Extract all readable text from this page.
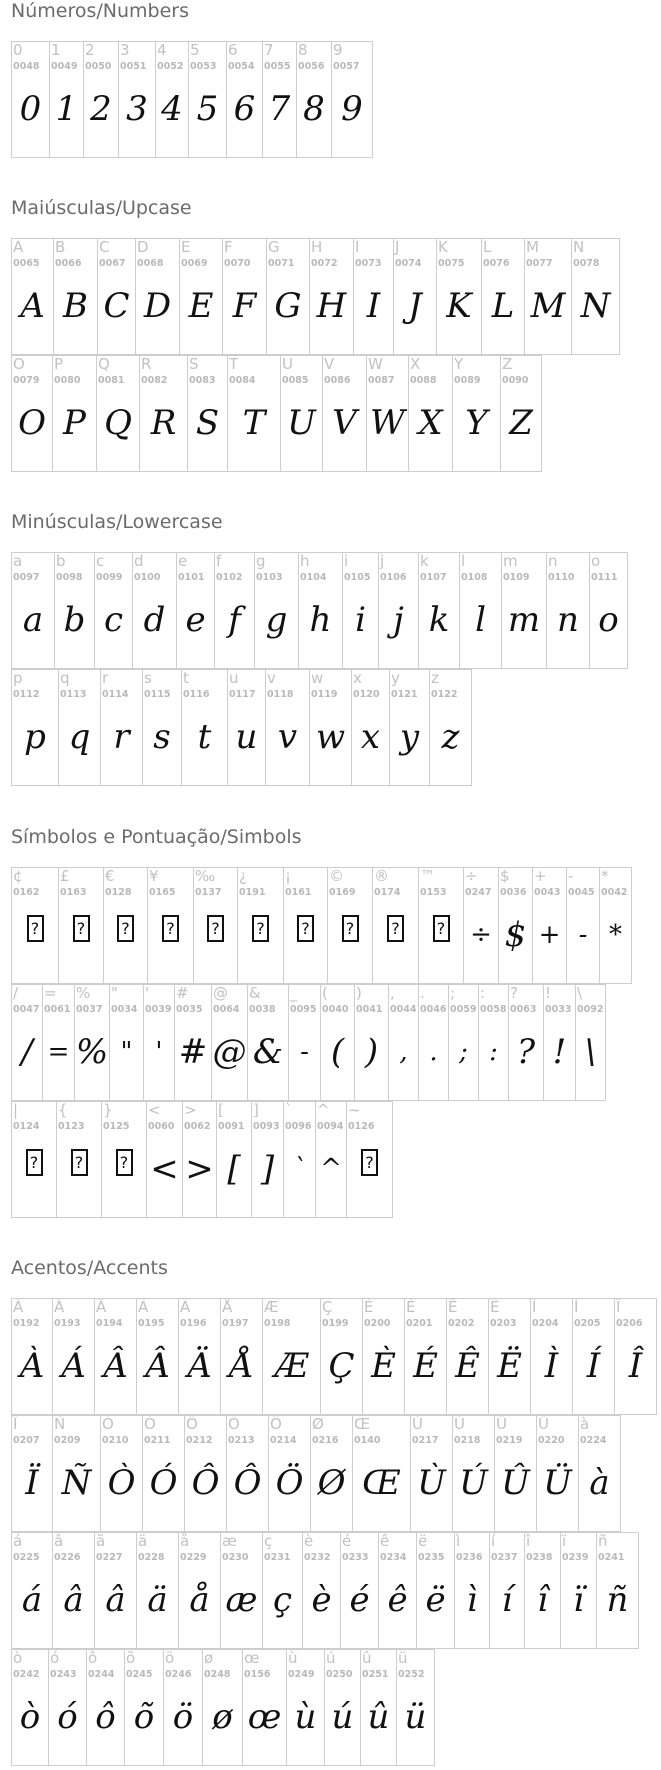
Números/Numbers
0
0048
0
1
0049
1
2
0050
2
3
0051
3
4
0052
4
5
0053
5
6
0054
6
7
0055
7
8
0056
8
9
0057
9
Maiúsculas/Upcase
A
0065
A
B
0066
B
C
0067
C
D
0068
D
E
0069
E
F
0070
F
G
0071
G
H
0072
H
I
0073
I
J
0074
J
K
0075
K
L
0076
L
M
0077
M
N
0078
N
O
0079
O
P
0080
P
Q
0081
Q
R
0082
R
S
0083
S
T
0084
T
U
0085
U
V
0086
V
W
0087
W
X
0088
X
Y
0089
Y
Z
0090
Z
Minúsculas/Lowercase
a
0097
a
b
0098
b
c
0099
c
d
0100
d
e
0101
e
f
0102
f
g
0103
g
h
0104
h
i
0105
i
j
0106
j
k
0107
k
l
0108
l
m
0109
m
n
0110
n
o
0111
o
p
0112
p
q
0113
q
r
0114
r
s
0115
s
t
0116
t
u
0117
u
v
0118
v
w
0119
w
x
0120
x
y
0121
y
z
0122
z
Símbolos e Pontuação/Simbols
¢
0162
?
£
0163
?
€
0128
?
¥
0165
?
‰
0137
?
¿
0191
?
¡
0161
?
©
0169
?
®
0174
?
™
0153
?
÷
0247
÷
$
0036
$
+
0043
+
-
0045
-
*
0042
*
/
0047
/
=
0061
=
%
0037
%
"
0034
"
'
0039
'
#
0035
#
@
0064
@
&
0038
&
_
0095
-
(
0040
(
)
0041
)
,
0044
,
.
0046
.
;
0059
;
:
0058
:
?
0063
?
!
0033
!
\
0092
\
|
0124
?
{
0123
?
}
0125
?
<
0060
<
>
0062
>
[
0091
[
]
0093
]
`
0096
`
^
0094
^
~
0126
?
Acentos/Accents
À
0192
À
Á
0193
Á
Â
0194
Â
Ã
0195
Â
Ä
0196
Ä
Å
0197
Å
Æ
0198
Æ
Ç
0199
Ç
È
0200
È
É
0201
É
Ê
0202
Ê
Ë
0203
Ë
Ì
0204
Ì
Í
0205
Í
Î
0206
Î
Ï
0207
Ï
Ñ
0209
Ñ
Ò
0210
Ò
Ó
0211
Ó
Ô
0212
Ô
Õ
0213
Ô
Ö
0214
Ö
Ø
0216
Ø
Œ
0140
Œ
Ù
0217
Ù
Ú
0218
Ú
Û
0219
Û
Ü
0220
Ü
à
0224
à
á
0225
á
â
0226
â
ã
0227
â
ä
0228
ä
å
0229
å
æ
0230
æ
ç
0231
ç
è
0232
è
é
0233
é
ê
0234
ê
ë
0235
ë
ì
0236
ì
í
0237
í
î
0238
î
ï
0239
ï
ñ
0241
ñ
ò
0242
ò
ó
0243
ó
ô
0244
ô
õ
0245
õ
ö
0246
ö
ø
0248
ø
œ
0156
œ
ù
0249
ù
ú
0250
ú
û
0251
û
ü
0252
ü
